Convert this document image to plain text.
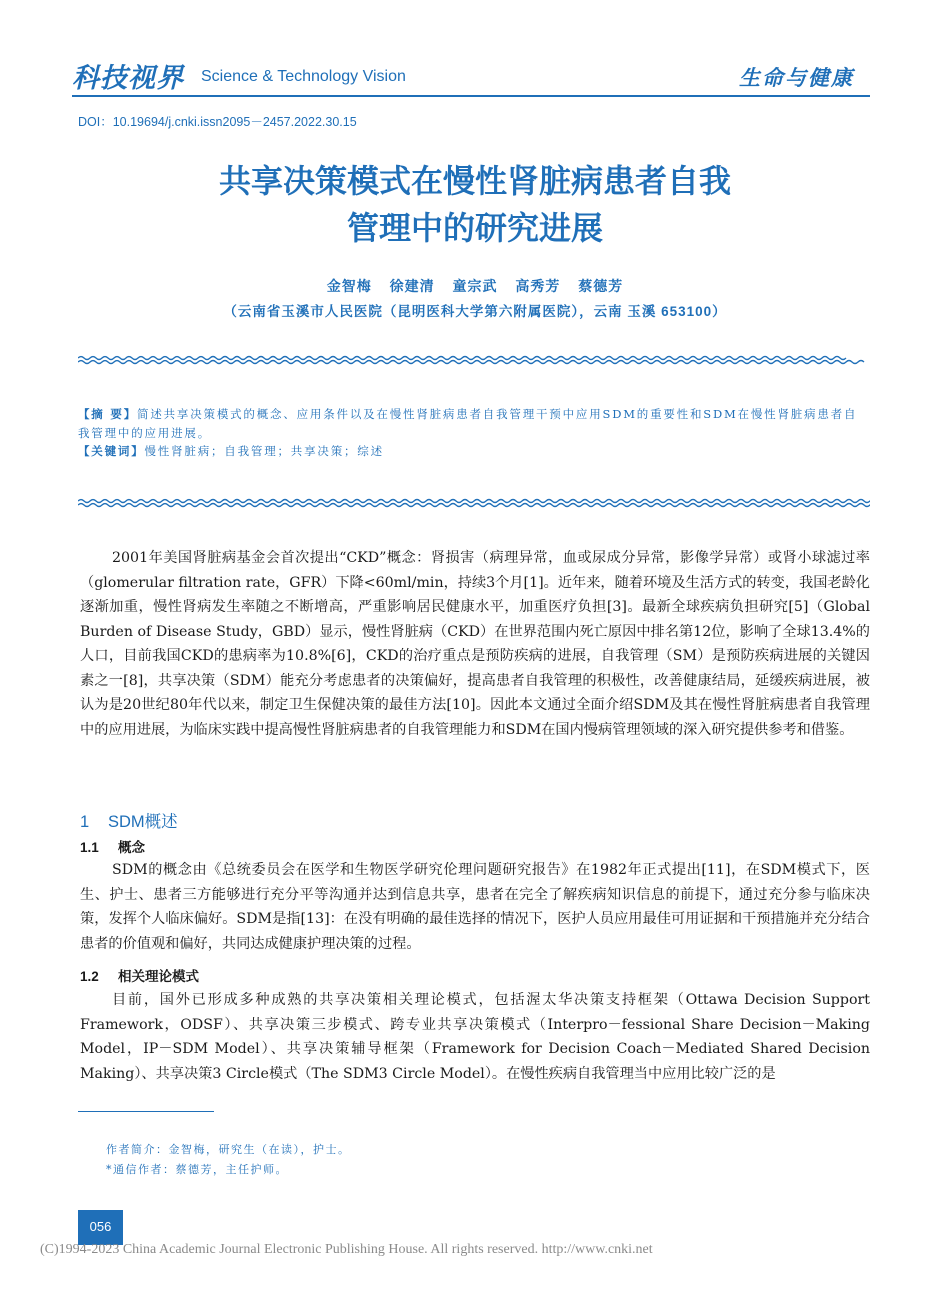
科技视界 Science & Technology Vision	生命与健康
DOI：10.19694/j.cnki.issn2095－2457.2022.30.15
共享决策模式在慢性肾脏病患者自我
管理中的研究进展
金智梅 徐建清 童宗武 高秀芳 蔡德芳
（云南省玉溪市人民医院（昆明医科大学第六附属医院），云南 玉溪 653100）
【摘 要】简述共享决策模式的概念、应用条件以及在慢性肾脏病患者自我管理干预中应用SDM的重要性和SDM在慢性肾脏病患者自我管理中的应用进展。
【关键词】慢性肾脏病；自我管理；共享决策；综述
2001年美国肾脏病基金会首次提出“CKD”概念：肾损害（病理异常，血或尿成分异常，影像学异常）或肾小球滤过率（glomerular filtration rate，GFR）下降<60ml/min，持续3个月[1]。近年来，随着环境及生活方式的转变，我国老龄化逐渐加重，慢性肾病发生率随之不断增高，严重影响居民健康水平，加重医疗负担[3]。最新全球疾病负担研究[5]（Global Burden of Disease Study，GBD）显示，慢性肾脏病（CKD）在世界范围内死亡原因中排名第12位，影响了全球13.4%的人口，目前我国CKD的患病率为10.8%[6]，CKD的治疗重点是预防疾病的进展，自我管理（SM）是预防疾病进展的关键因素之一[8]，共享决策（SDM）能充分考虑患者的决策偏好，提高患者自我管理的积极性，改善健康结局，延缓疾病进展，被认为是20世纪80年代以来，制定卫生保健决策的最佳方法[10]。因此本文通过全面介绍SDM及其在慢性肾脏病患者自我管理中的应用进展，为临床实践中提高慢性肾脏病患者的自我管理能力和SDM在国内慢病管理领域的深入研究提供参考和借鉴。
1 SDM概述
1.1 概念
SDM的概念由《总统委员会在医学和生物医学研究伦理问题研究报告》在1982年正式提出[11]，在SDM模式下，医生、护士、患者三方能够进行充分平等沟通并达到信息共享，患者在完全了解疾病知识信息的前提下，通过充分参与临床决策，发挥个人临床偏好。SDM是指[13]：在没有明确的最佳选择的情况下，医护人员应用最佳可用证据和干预措施并充分结合患者的价值观和偏好，共同达成健康护理决策的过程。
1.2 相关理论模式
目前，国外已形成多种成熟的共享决策相关理论模式，包括渥太华决策支持框架（Ottawa Decision Support Framework，ODSF）、共享决策三步模式、跨专业共享决策模式（Interpro－fessional Share Decision－Making Model，IP－SDM Model）、共享决策辅导框架（Framework for Decision Coach－Mediated Shared Decision Making）、共享决策3 Circle模式（The SDM3 Circle Model）。在慢性疾病自我管理当中应用比较广泛的是
作者简介：金智梅，研究生（在读），护士。
*通信作者：蔡德芳，主任护师。
056
(C)1994-2023 China Academic Journal Electronic Publishing House. All rights reserved. http://www.cnki.net
